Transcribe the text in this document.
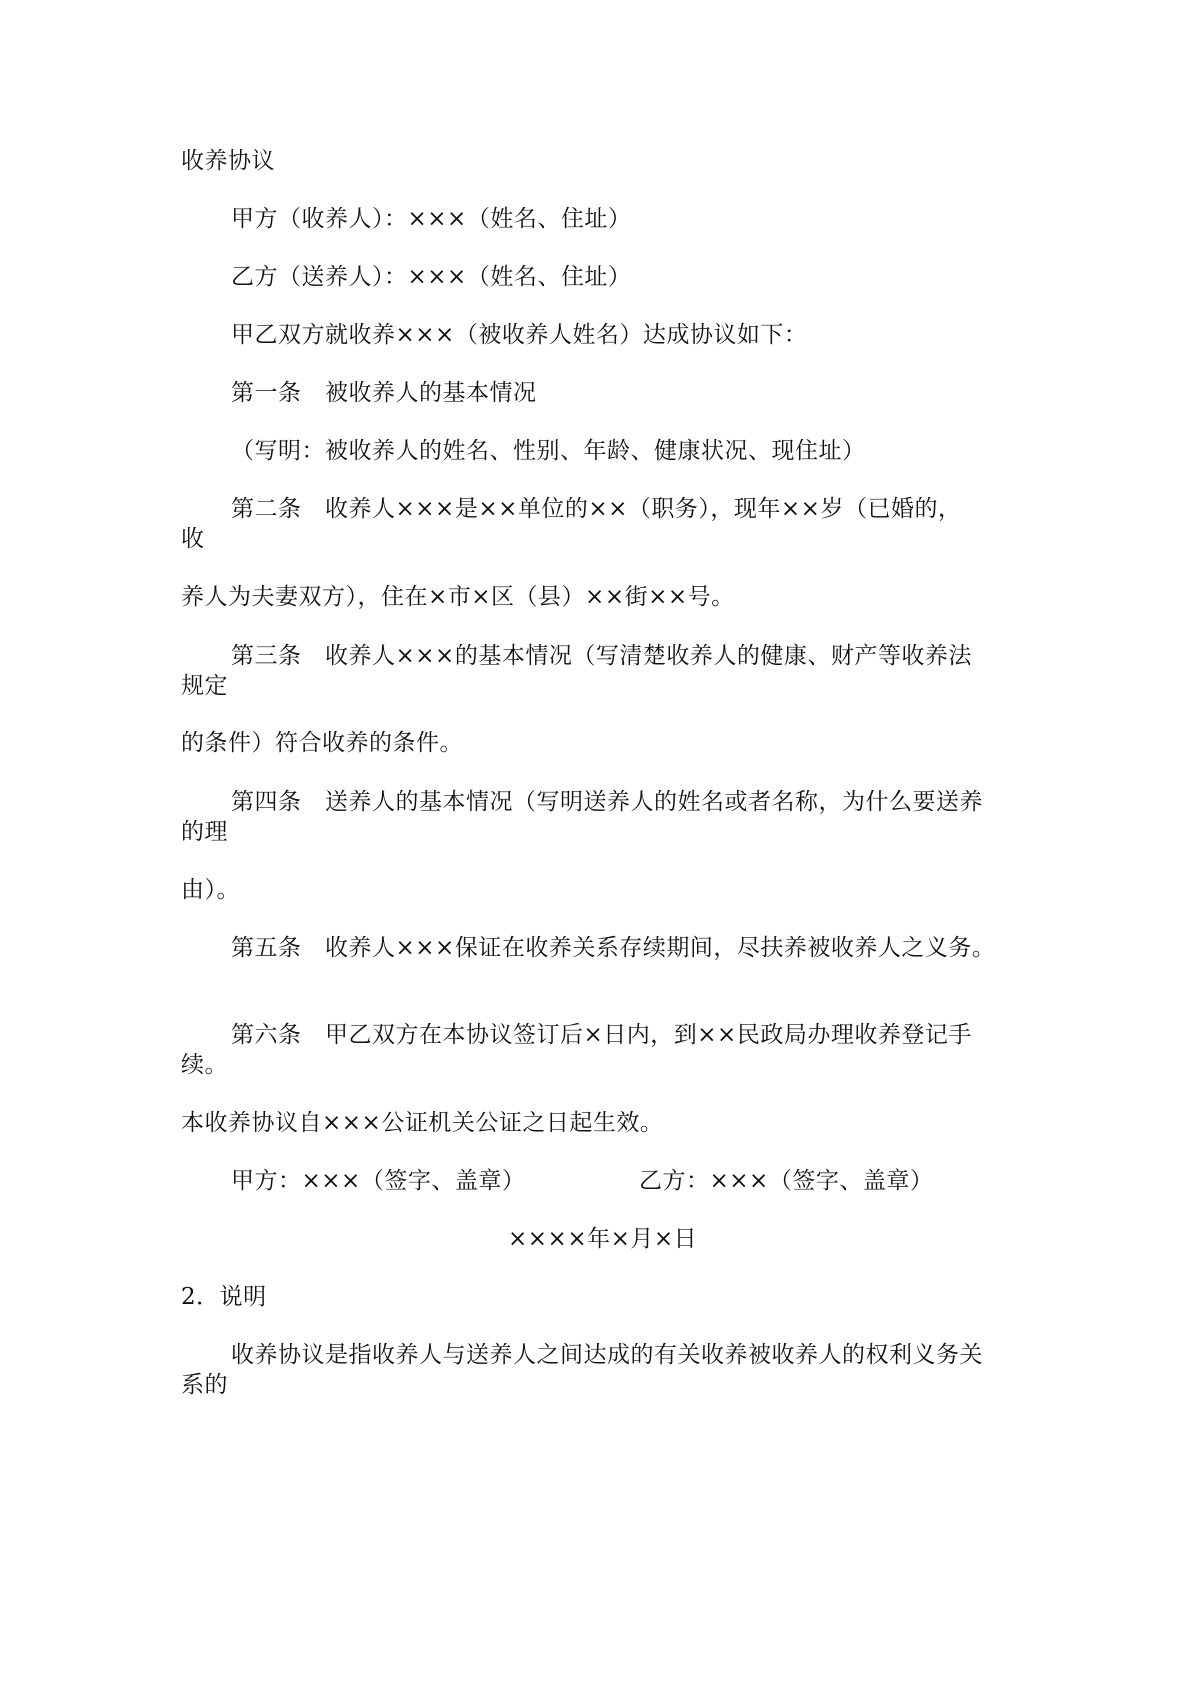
收养协议
甲方（收养人）：×××（姓名、住址）
乙方（送养人）：×××（姓名、住址）
甲乙双方就收养×××（被收养人姓名）达成协议如下：
第一条　被收养人的基本情况
（写明：被收养人的姓名、性别、年龄、健康状况、现住址）
第二条　收养人×××是××单位的××（职务），现年××岁（已婚的，
收
养人为夫妻双方），住在×市×区（县）××街××号。
第三条　收养人×××的基本情况（写清楚收养人的健康、财产等收养法
规定
的条件）符合收养的条件。
第四条　送养人的基本情况（写明送养人的姓名或者名称，为什么要送养
的理
由）。
第五条　收养人×××保证在收养关系存续期间，尽扶养被收养人之义务。
第六条　甲乙双方在本协议签订后×日内，到××民政局办理收养登记手
续。
本收养协议自×××公证机关公证之日起生效。
甲方：×××（签字、盖章）	乙方：×××（签字、盖章）
××××年×月×日
2．说明
收养协议是指收养人与送养人之间达成的有关收养被收养人的权利义务关
系的
